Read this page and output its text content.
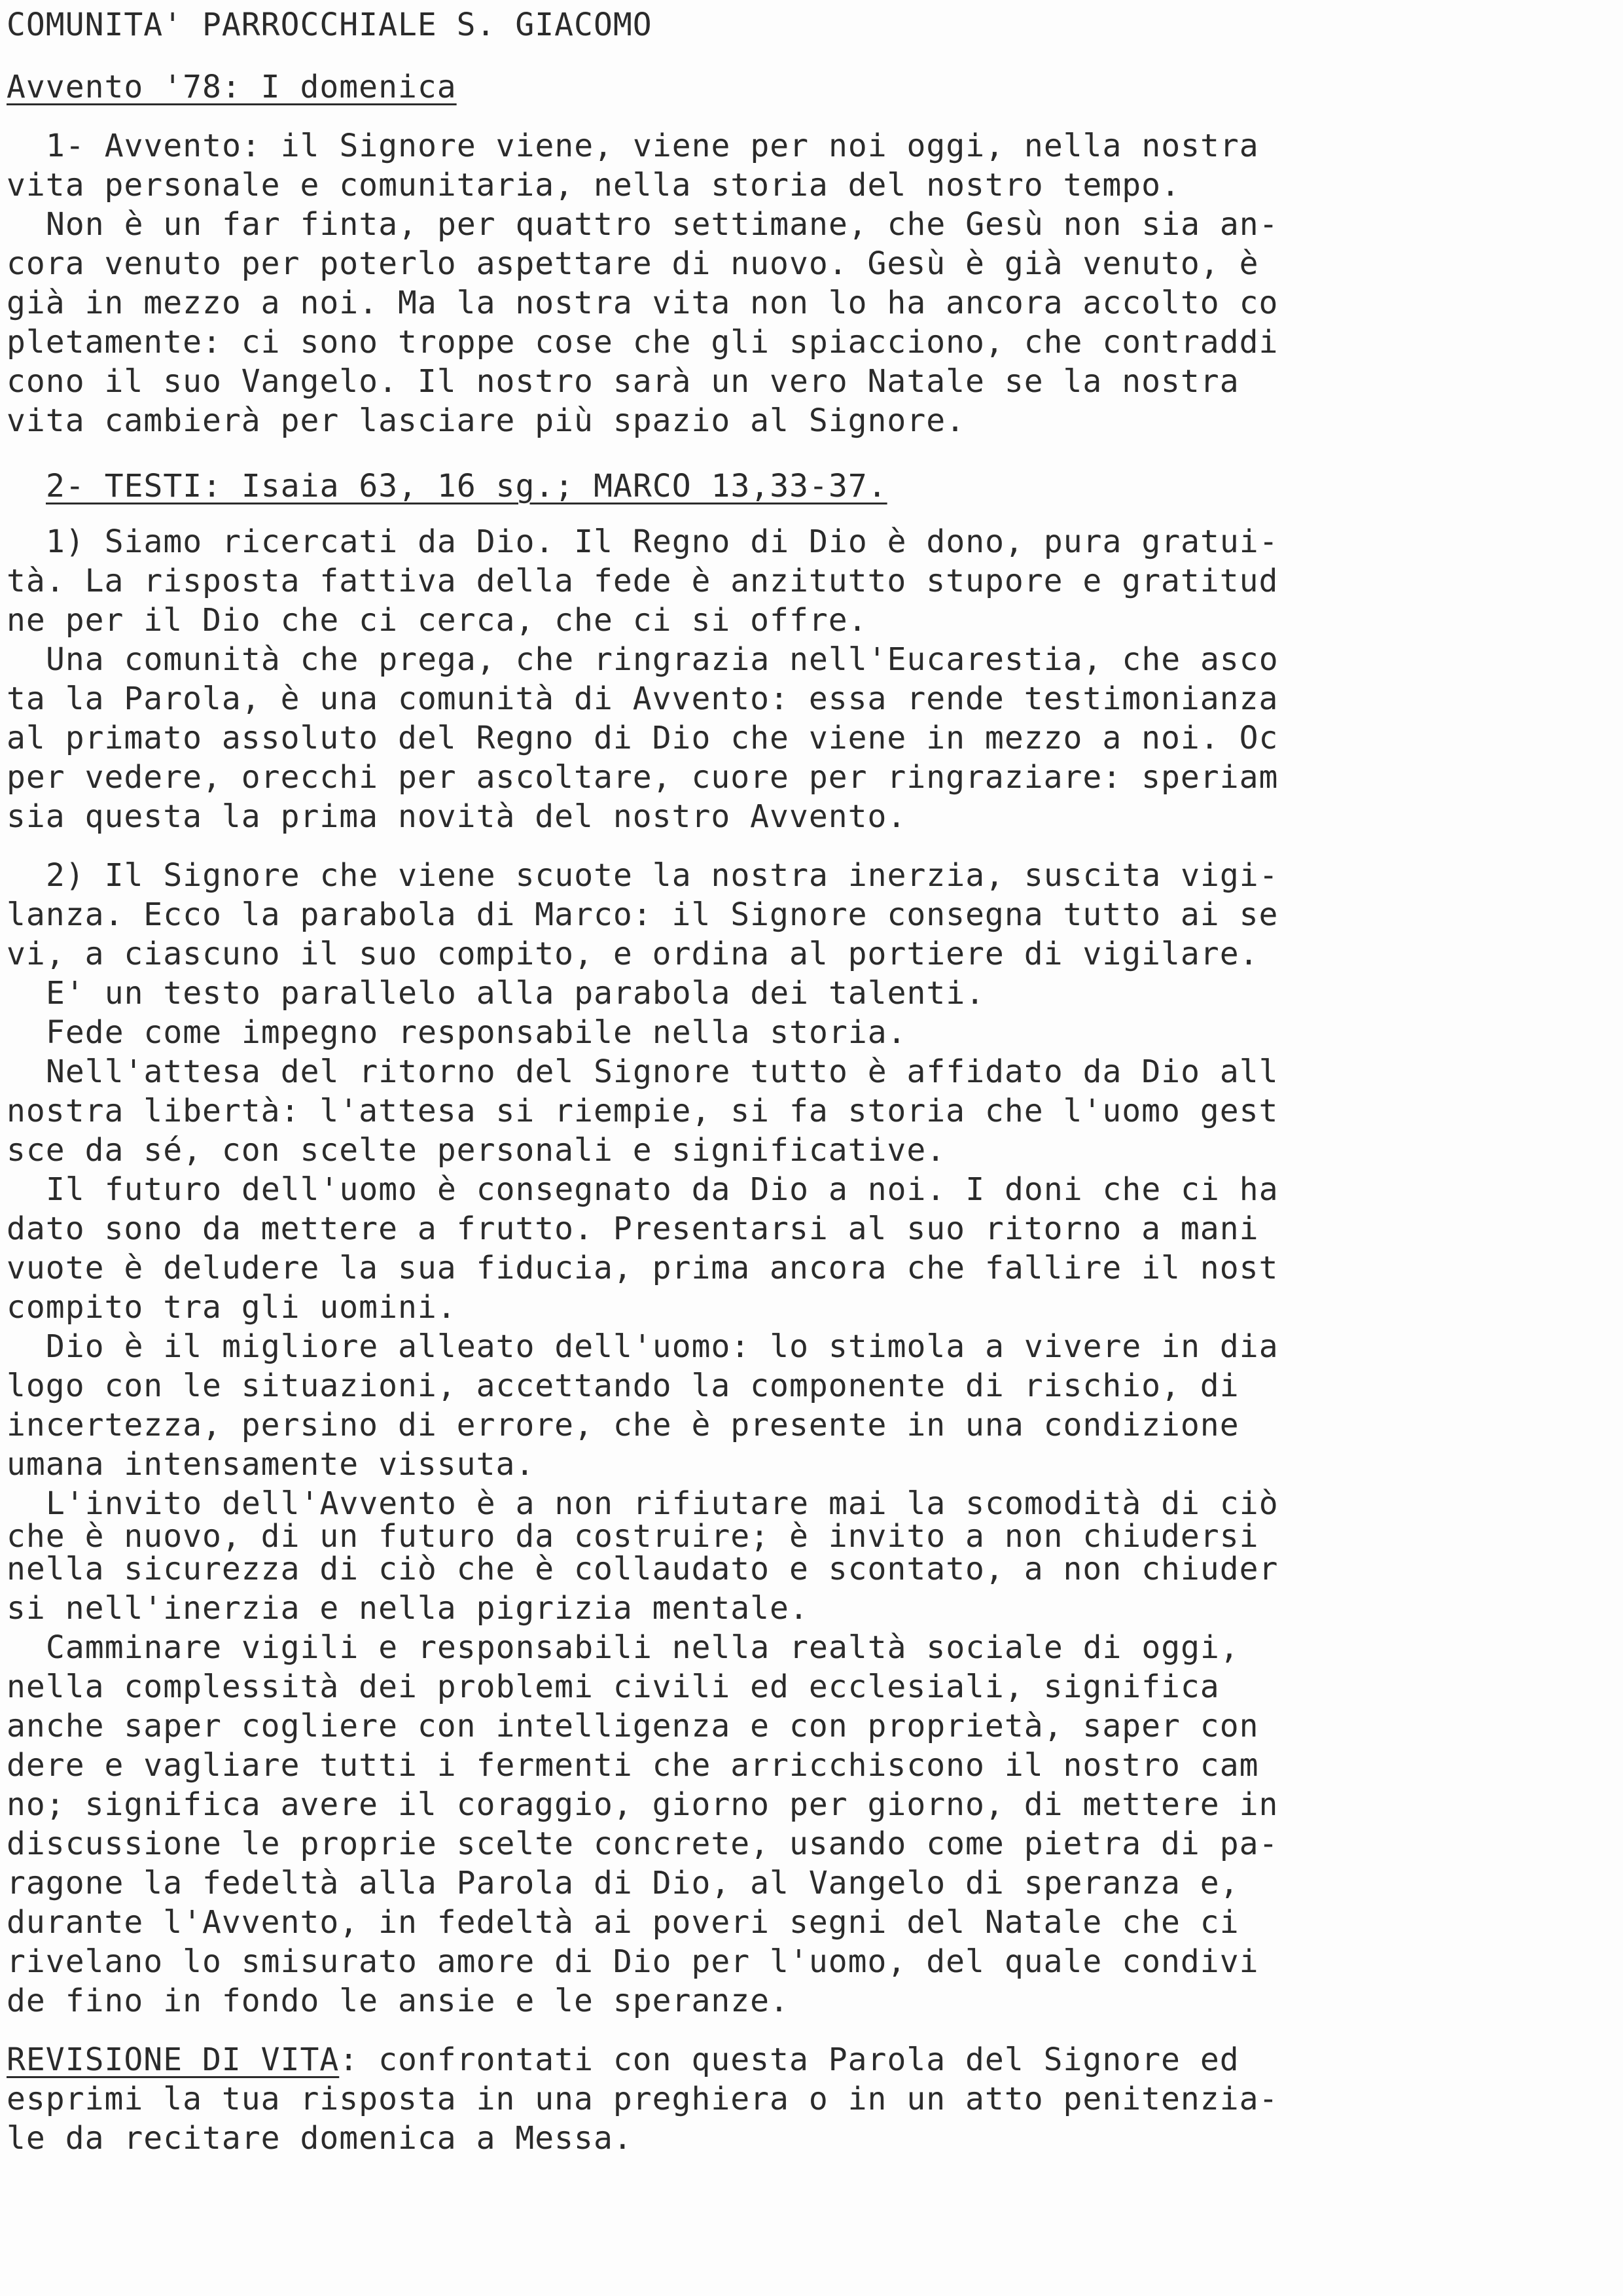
COMUNITA' PARROCCHIALE S. GIACOMO
Avvento '78: I domenica
1- Avvento: il Signore viene, viene per noi oggi, nella nostra
vita personale e comunitaria, nella storia del nostro tempo.
Non è un far finta, per quattro settimane, che Gesù non sia an-
cora venuto per poterlo aspettare di nuovo. Gesù è già venuto, è
già in mezzo a noi. Ma la nostra vita non lo ha ancora accolto co
pletamente: ci sono troppe cose che gli spiacciono, che contraddi
cono il suo Vangelo. Il nostro sarà un vero Natale se la nostra
vita cambierà per lasciare più spazio al Signore.
2- TESTI: Isaia 63, 16 sg.; MARCO 13,33-37.
1) Siamo ricercati da Dio. Il Regno di Dio è dono, pura gratui-
tà. La risposta fattiva della fede è anzitutto stupore e gratitud
ne per il Dio che ci cerca, che ci si offre.
Una comunità che prega, che ringrazia nell'Eucarestia, che asco
ta la Parola, è una comunità di Avvento: essa rende testimonianza
al primato assoluto del Regno di Dio che viene in mezzo a noi. Oc
per vedere, orecchi per ascoltare, cuore per ringraziare: speriam
sia questa la prima novità del nostro Avvento.
2) Il Signore che viene scuote la nostra inerzia, suscita vigi-
lanza. Ecco la parabola di Marco: il Signore consegna tutto ai se
vi, a ciascuno il suo compito, e ordina al portiere di vigilare.
E' un testo parallelo alla parabola dei talenti.
Fede come impegno responsabile nella storia.
Nell'attesa del ritorno del Signore tutto è affidato da Dio all
nostra libertà: l'attesa si riempie, si fa storia che l'uomo gest
sce da sé, con scelte personali e significative.
Il futuro dell'uomo è consegnato da Dio a noi. I doni che ci ha
dato sono da mettere a frutto. Presentarsi al suo ritorno a mani
vuote è deludere la sua fiducia, prima ancora che fallire il nost
compito tra gli uomini.
Dio è il migliore alleato dell'uomo: lo stimola a vivere in dia
logo con le situazioni, accettando la componente di rischio, di
incertezza, persino di errore, che è presente in una condizione
umana intensamente vissuta.
L'invito dell'Avvento è a non rifiutare mai la scomodità di ciò
che è nuovo, di un futuro da costruire; è invito a non chiudersi
nella sicurezza di ciò che è collaudato e scontato, a non chiuder
si nell'inerzia e nella pigrizia mentale.
Camminare vigili e responsabili nella realtà sociale di oggi,
nella complessità dei problemi civili ed ecclesiali, significa
anche saper cogliere con intelligenza e con proprietà, saper con
dere e vagliare tutti i fermenti che arricchiscono il nostro cam
no; significa avere il coraggio, giorno per giorno, di mettere in
discussione le proprie scelte concrete, usando come pietra di pa-
ragone la fedeltà alla Parola di Dio, al Vangelo di speranza e,
durante l'Avvento, in fedeltà ai poveri segni del Natale che ci
rivelano lo smisurato amore di Dio per l'uomo, del quale condivi
de fino in fondo le ansie e le speranze.
REVISIONE DI VITA: confrontati con questa Parola del Signore ed
esprimi la tua risposta in una preghiera o in un atto penitenzia-
le da recitare domenica a Messa.
